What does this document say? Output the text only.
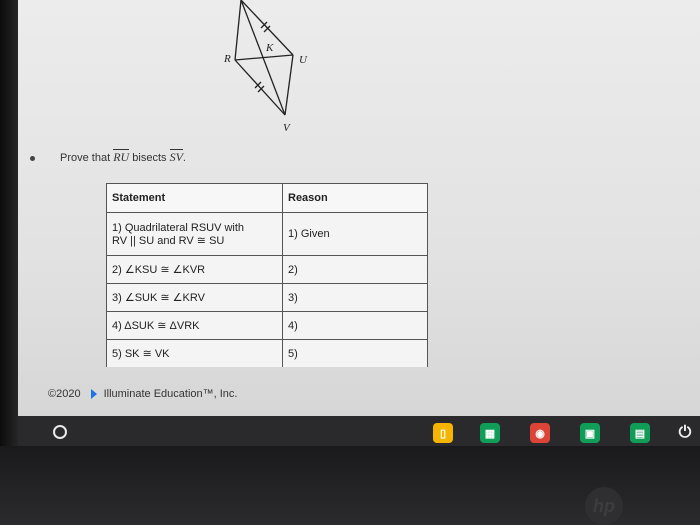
R
K
U
V
Prove that RU bisects SV.
Statement	Reason

1) Quadrilateral RSUV with
RV || SU and RV ≅ SU	1) Given
2) ∠KSU ≅ ∠KVR	2)
3) ∠SUK ≅ ∠KRV	3)
4) ΔSUK ≅ ΔVRK	4)
5) SK ≅ VK	5)
©2020 Illuminate Education™, Inc.
▯	▦	◉	▣	▤ ⏻
hp
